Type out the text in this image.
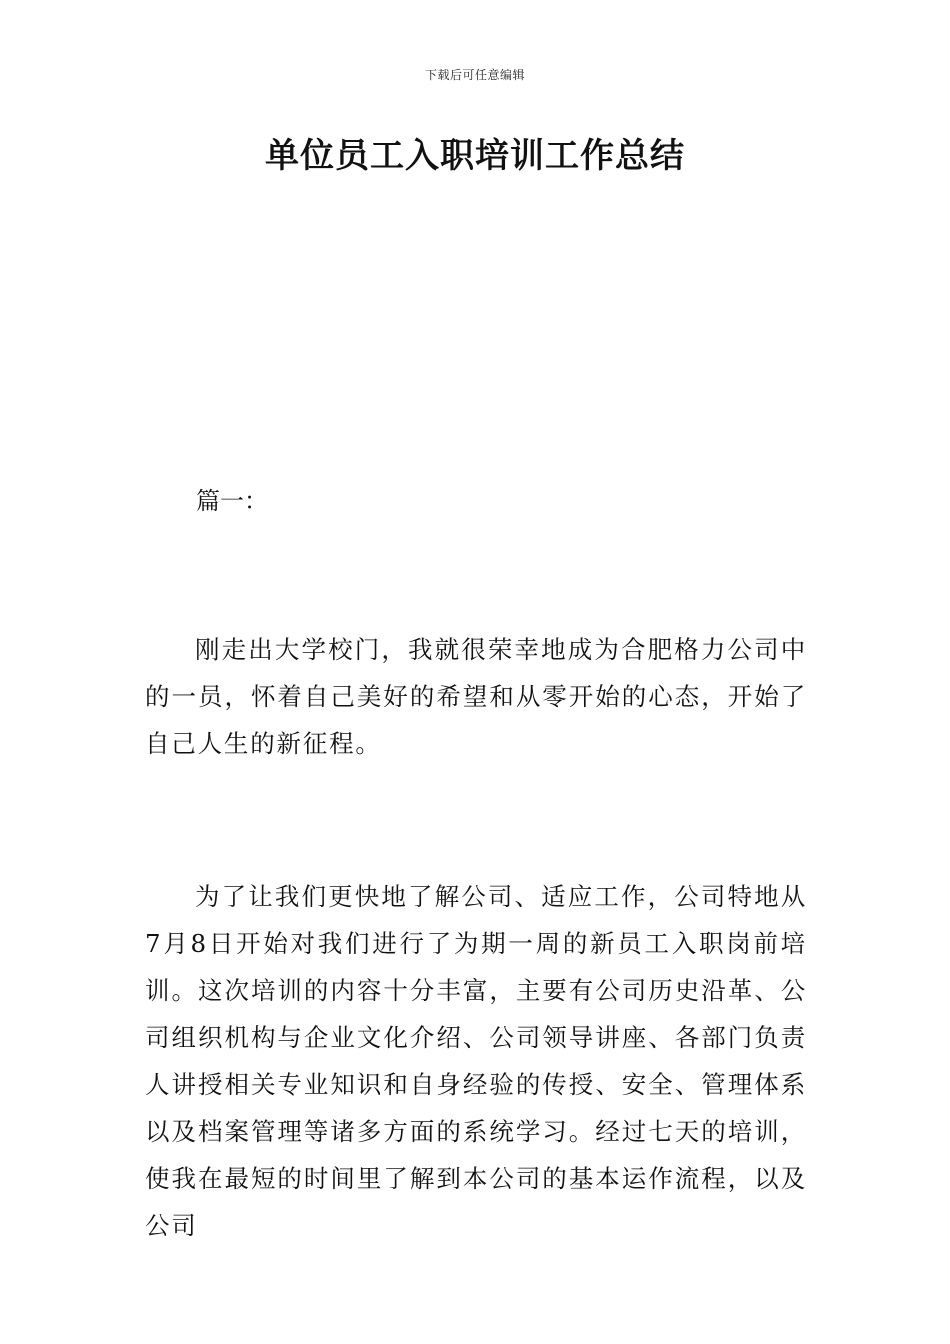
下载后可任意编辑
单位员工入职培训工作总结

篇一：

刚走出大学校门，我就很荣幸地成为合肥格力公司中的一员，怀着自己美好的希望和从零开始的心态，开始了自己人生的新征程。

为了让我们更快地了解公司、适应工作，公司特地从7月8日开始对我们进行了为期一周的新员工入职岗前培训。这次培训的内容十分丰富，主要有公司历史沿革、公司组织机构与企业文化介绍、公司领导讲座、各部门负责人讲授相关专业知识和自身经验的传授、安全、管理体系以及档案管理等诸多方面的系统学习。经过七天的培训，使我在最短的时间里了解到本公司的基本运作流程，以及公司
